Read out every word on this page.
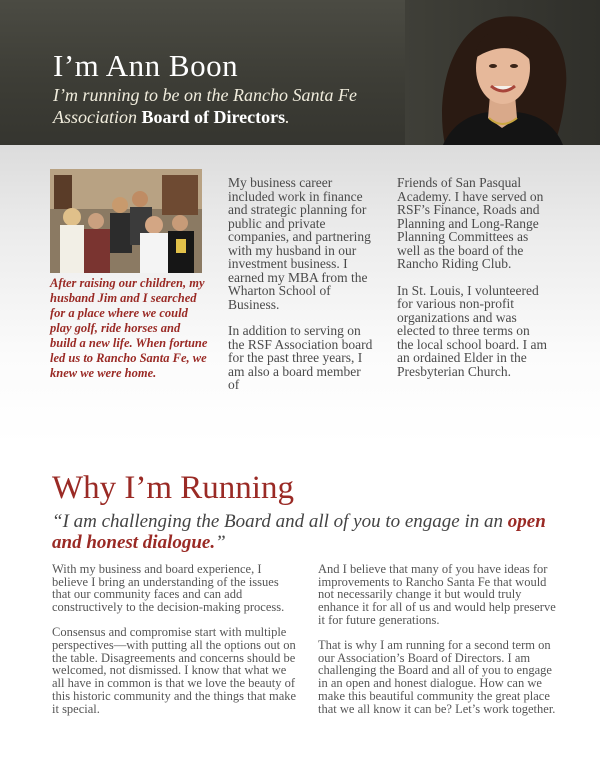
I’m Ann Boon
I’m running to be on the Rancho Santa Fe Association Board of Directors.
After raising our children, my husband Jim and I searched for a place where we could play golf, ride horses and build a new life. When fortune led us to Rancho Santa Fe, we knew we were home.

My business career included work in finance and strategic planning for public and private companies, and partnering with my husband in our investment business. I earned my MBA from the Wharton School of Business.

In addition to serving on the RSF Association board for the past three years, I am also a board member of

Friends of San Pasqual Academy. I have served on RSF’s Finance, Roads and Planning and Long-Range Planning Committees as well as the board of the Rancho Riding Club.

In St. Louis, I volunteered for various non-profit organizations and was elected to three terms on the local school board. I am an ordained Elder in the Presbyterian Church.

Why I’m Running
“I am challenging the Board and all of you to engage in an open and honest dialogue.”

With my business and board experience, I believe I bring an understanding of the issues that our community faces and can add constructively to the decision-making process.

Consensus and compromise start with multiple perspectives—with putting all the options out on the table. Disagreements and concerns should be welcomed, not dismissed. I know that what we all have in common is that we love the beauty of this historic community and the things that make it special.

And I believe that many of you have ideas for improvements to Rancho Santa Fe that would not necessarily change it but would truly enhance it for all of us and would help preserve it for future generations.

That is why I am running for a second term on our Association’s Board of Directors. I am challenging the Board and all of you to engage in an open and honest dialogue. How can we make this beautiful community the great place that we all know it can be? Let’s work together.
